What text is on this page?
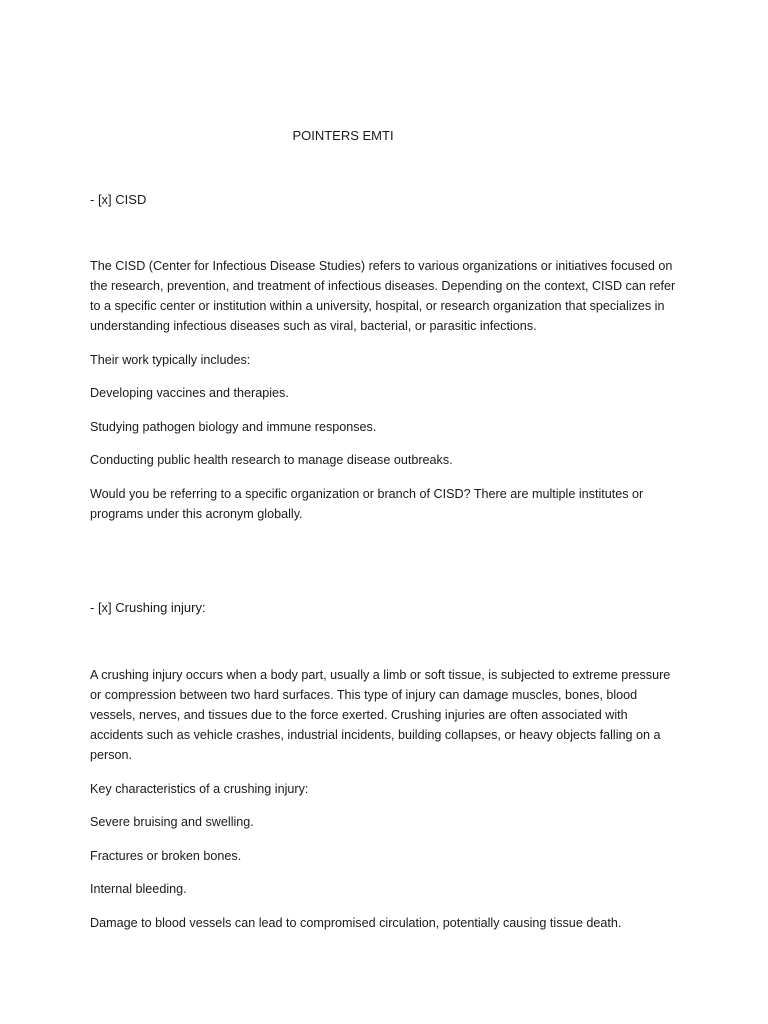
POINTERS EMTI
- [x] CISD

The CISD (Center for Infectious Disease Studies) refers to various organizations or initiatives focused on the research, prevention, and treatment of infectious diseases. Depending on the context, CISD can refer to a specific center or institution within a university, hospital, or research organization that specializes in understanding infectious diseases such as viral, bacterial, or parasitic infections.

Their work typically includes:

Developing vaccines and therapies.

Studying pathogen biology and immune responses.

Conducting public health research to manage disease outbreaks.

Would you be referring to a specific organization or branch of CISD? There are multiple institutes or programs under this acronym globally.

- [x] Crushing injury:

A crushing injury occurs when a body part, usually a limb or soft tissue, is subjected to extreme pressure or compression between two hard surfaces. This type of injury can damage muscles, bones, blood vessels, nerves, and tissues due to the force exerted. Crushing injuries are often associated with accidents such as vehicle crashes, industrial incidents, building collapses, or heavy objects falling on a person.

Key characteristics of a crushing injury:

Severe bruising and swelling.

Fractures or broken bones.

Internal bleeding.

Damage to blood vessels can lead to compromised circulation, potentially causing tissue death.
